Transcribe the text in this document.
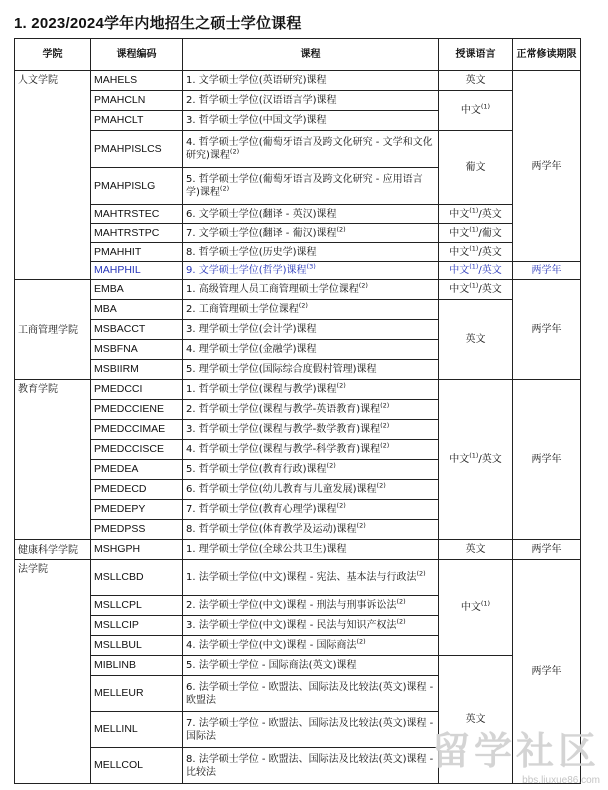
1. 2023/2024学年内地招生之硕士学位课程
学院	课程编码	课程	授课语言	正常修读期限
人文学院	MAHELS	1. 文学硕士学位(英语研究)课程	英文	两学年
	PMAHCLN	2. 哲学硕士学位(汉语语言学)课程	中文$^{(1)}$
	PMAHCLT	3. 哲学硕士学位(中国文学)课程		
	PMAHPISLCS	4. 哲学硕士学位(葡萄牙语言及跨文化研究 - 文学和文化研究)课程$^{(2)}$	葡文	
	PMAHPISLG	5. 哲学硕士学位(葡萄牙语言及跨文化研究 - 应用语言学)课程$^{(2)}$
	MAHTRSTEC	6. 文学硕士学位(翻译 - 英汉)课程	中文$^{(1)}$/英文	
	MAHTRSTPC	7. 文学硕士学位(翻译 - 葡汉)课程$^{(2)}$	中文$^{(1)}$/葡文	
	PMAHHIT	8. 哲学硕士学位(历史学)课程	中文$^{(1)}$/英文	
	MAHPHIL	9. 文学硕士学位(哲学)课程$^{(3)}$	中文$^{(1)}$/英文	两学年
工商管理学院	EMBA	1. 高级管理人员工商管理硕士学位课程$^{(2)}$	中文$^{(1)}$/英文	两学年
	MBA	2. 工商管理硕士学位课程$^{(2)}$	英文	
	MSBACCT	3. 理学硕士学位(会计学)课程		
	MSBFNA	4. 理学硕士学位(金融学)课程		
	MSBIIRM	5. 理学硕士学位(国际综合度假村管理)课程		
教育学院	PMEDCCI	1. 哲学硕士学位(课程与教学)课程$^{(2)}$	中文$^{(1)}$/英文	两学年
	PMEDCCIENE	2. 哲学硕士学位(课程与教学-英语教育)课程$^{(2)}$
	PMEDCCIMAE	3. 哲学硕士学位(课程与教学-数学教育)课程$^{(2)}$
	PMEDCCISCE	4. 哲学硕士学位(课程与教学-科学教育)课程$^{(2)}$
	PMEDEA	5. 哲学硕士学位(教育行政)课程$^{(2)}$
	PMEDECD	6. 哲学硕士学位(幼儿教育与儿童发展)课程$^{(2)}$
	PMEDEPY	7. 哲学硕士学位(教育心理学)课程$^{(2)}$
	PMEDPSS	8. 哲学硕士学位(体育教学及运动)课程$^{(2)}$
健康科学学院	MSHGPH	1. 理学硕士学位(全球公共卫生)课程	英文	两学年
法学院	MSLLCBD	1. 法学硕士学位(中文)课程 - 宪法、基本法与行政法$^{(2)}$	中文$^{(1)}$	两学年
	MSLLCPL	2. 法学硕士学位(中文)课程 - 刑法与刑事诉讼法$^{(2)}$
	MSLLCIP	3. 法学硕士学位(中文)课程 - 民法与知识产权法$^{(2)}$
	MSLLBUL	4. 法学硕士学位(中文)课程 - 国际商法$^{(2)}$
	MIBLINB	5. 法学硕士学位 - 国际商法(英文)课程	英文	
	MELLEUR	6. 法学硕士学位 - 欧盟法、国际法及比较法(英文)课程 - 欧盟法		
	MELLINL	7. 法学硕士学位 - 欧盟法、国际法及比较法(英文)课程 - 国际法		
	MELLCOL	8. 法学硕士学位 - 欧盟法、国际法及比较法(英文)课程 - 比较法			留学社区
bbs.liuxue86.com
